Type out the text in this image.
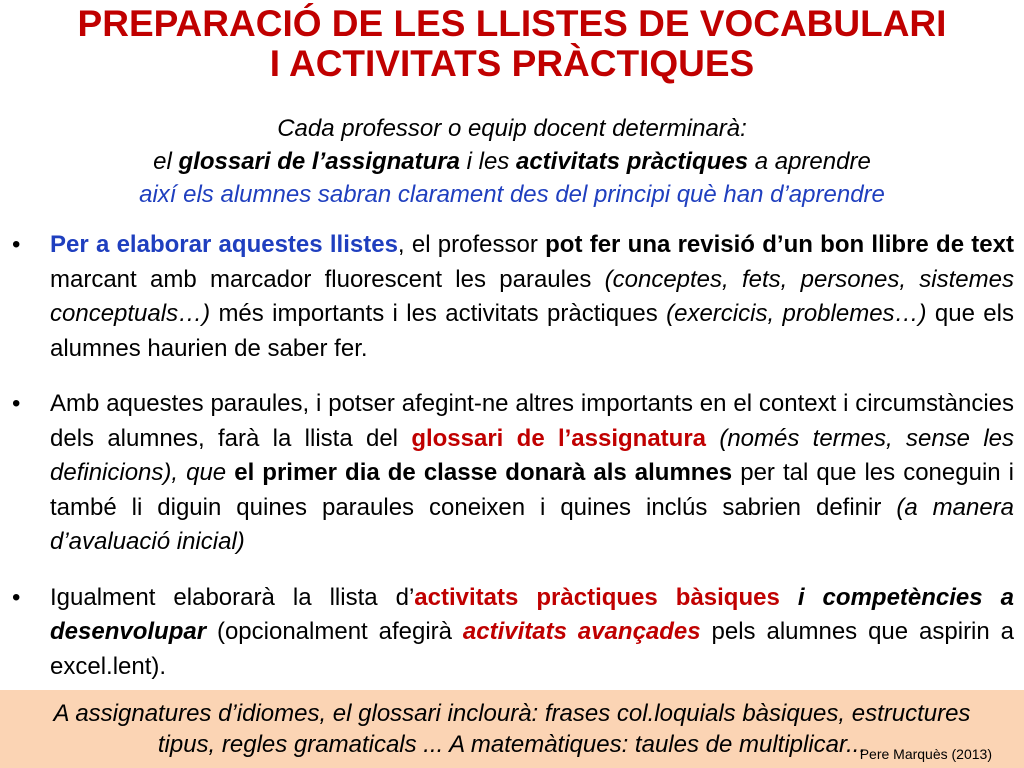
PREPARACIÓ DE LES LLISTES DE VOCABULARI
I ACTIVITATS PRÀCTIQUES
Cada professor o equip docent determinarà:
el glossari de l’assignatura i les activitats pràctiques a aprendre
així els alumnes sabran clarament des del principi què han d’aprendre
• Per a elaborar aquestes llistes, el professor pot fer una revisió d’un bon llibre de text marcant amb marcador fluorescent les paraules (conceptes, fets, persones, sistemes conceptuals…) més importants i les activitats pràctiques (exercicis, problemes…) que els alumnes haurien de saber fer.
• Amb aquestes paraules, i potser afegint-ne altres importants en el context i circumstàncies dels alumnes, farà la llista del glossari de l’assignatura (només termes, sense les definicions), que el primer dia de classe donarà als alumnes per tal que les coneguin i també li diguin quines paraules coneixen i quines inclús sabrien definir (a manera d’avaluació inicial)
• Igualment elaborarà la llista d’activitats pràctiques bàsiques i competències a desenvolupar (opcionalment afegirà activitats avançades pels alumnes que aspirin a excel.lent).
A assignatures d’idiomes, el glossari inclourà: frases col.loquials bàsiques, estructures
tipus, regles gramaticals ... A matemàtiques: taules de multiplicar...
Pere Marquès (2013)
